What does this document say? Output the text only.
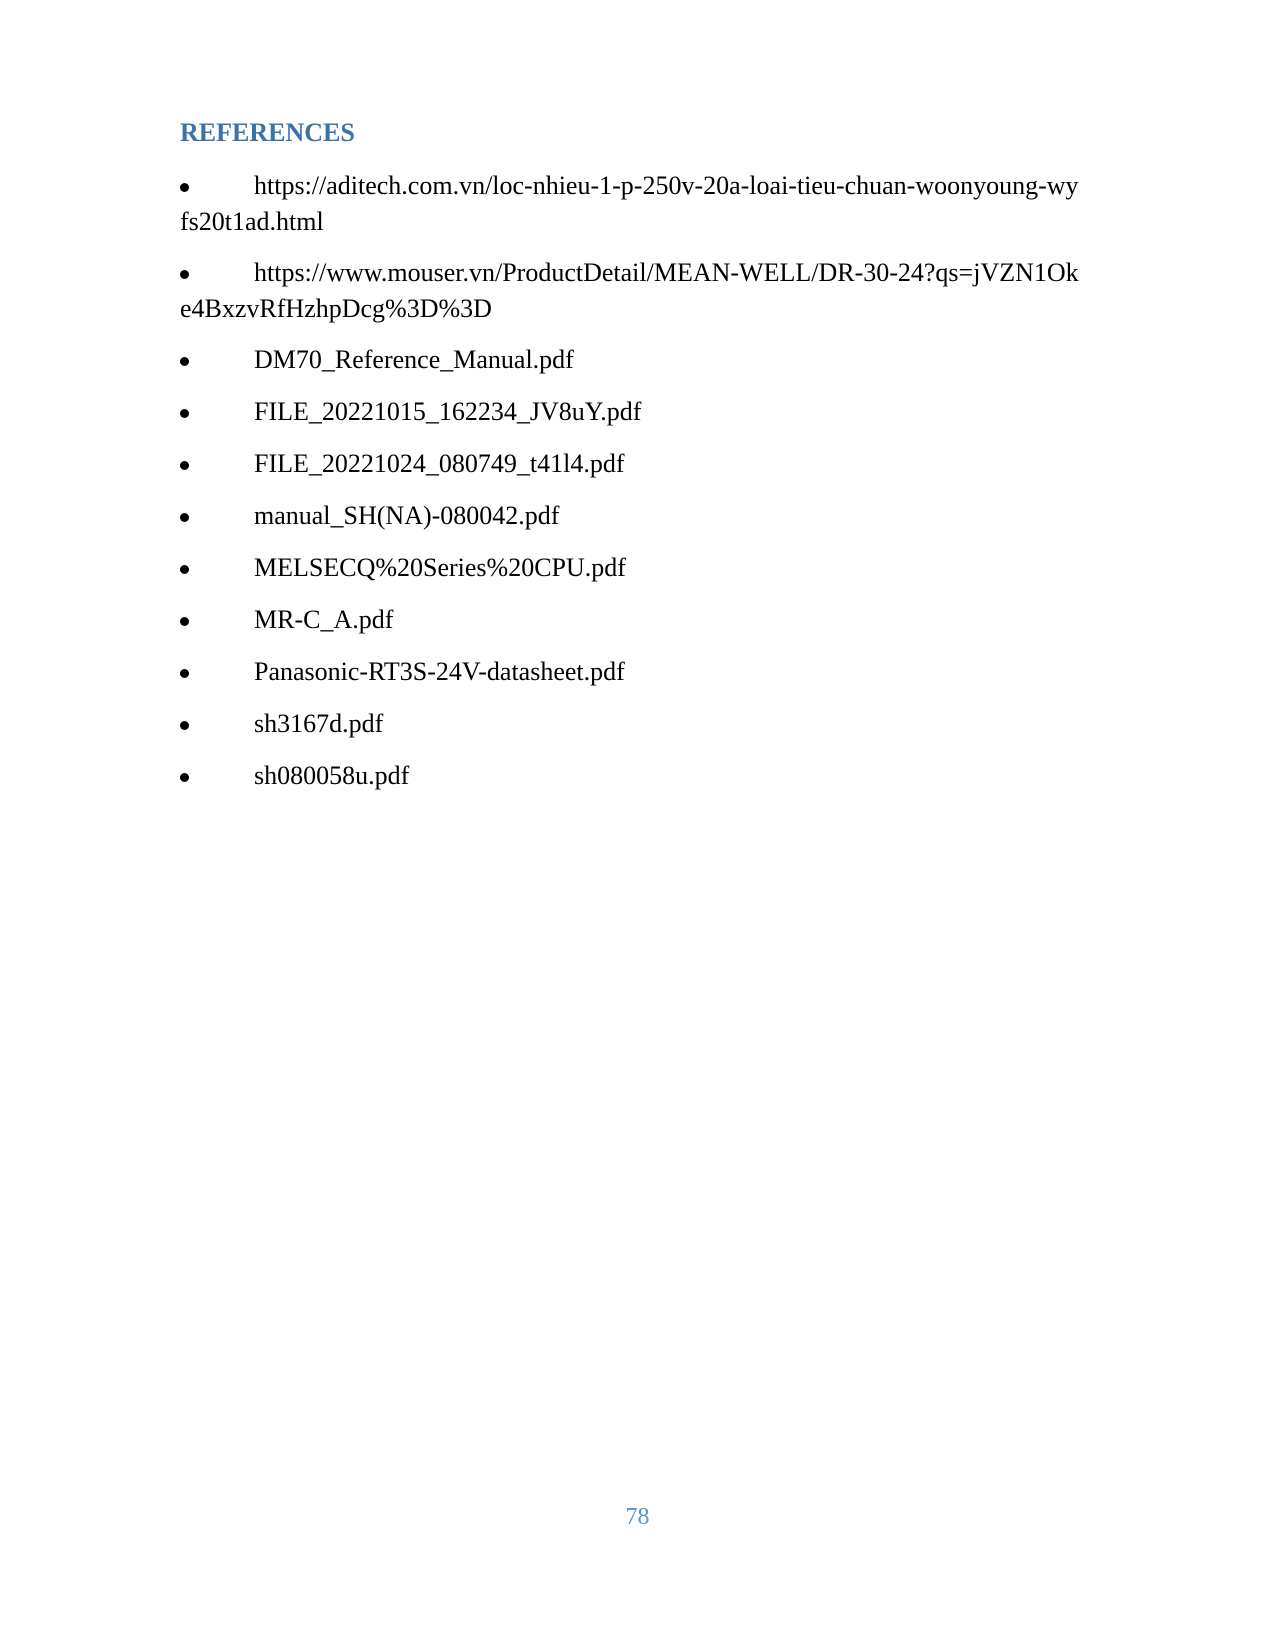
REFERENCES
https://aditech.com.vn/loc-nhieu-1-p-250v-20a-loai-tieu-chuan-woonyoung-wyfs20t1ad.html
https://www.mouser.vn/ProductDetail/MEAN-WELL/DR-30-24?qs=jVZN1Oke4BxzvRfHzhpDcg%3D%3D
DM70_Reference_Manual.pdf
FILE_20221015_162234_JV8uY.pdf
FILE_20221024_080749_t41l4.pdf
manual_SH(NA)-080042.pdf
MELSECQ%20Series%20CPU.pdf
MR-C_A.pdf
Panasonic-RT3S-24V-datasheet.pdf
sh3167d.pdf
sh080058u.pdf
78
